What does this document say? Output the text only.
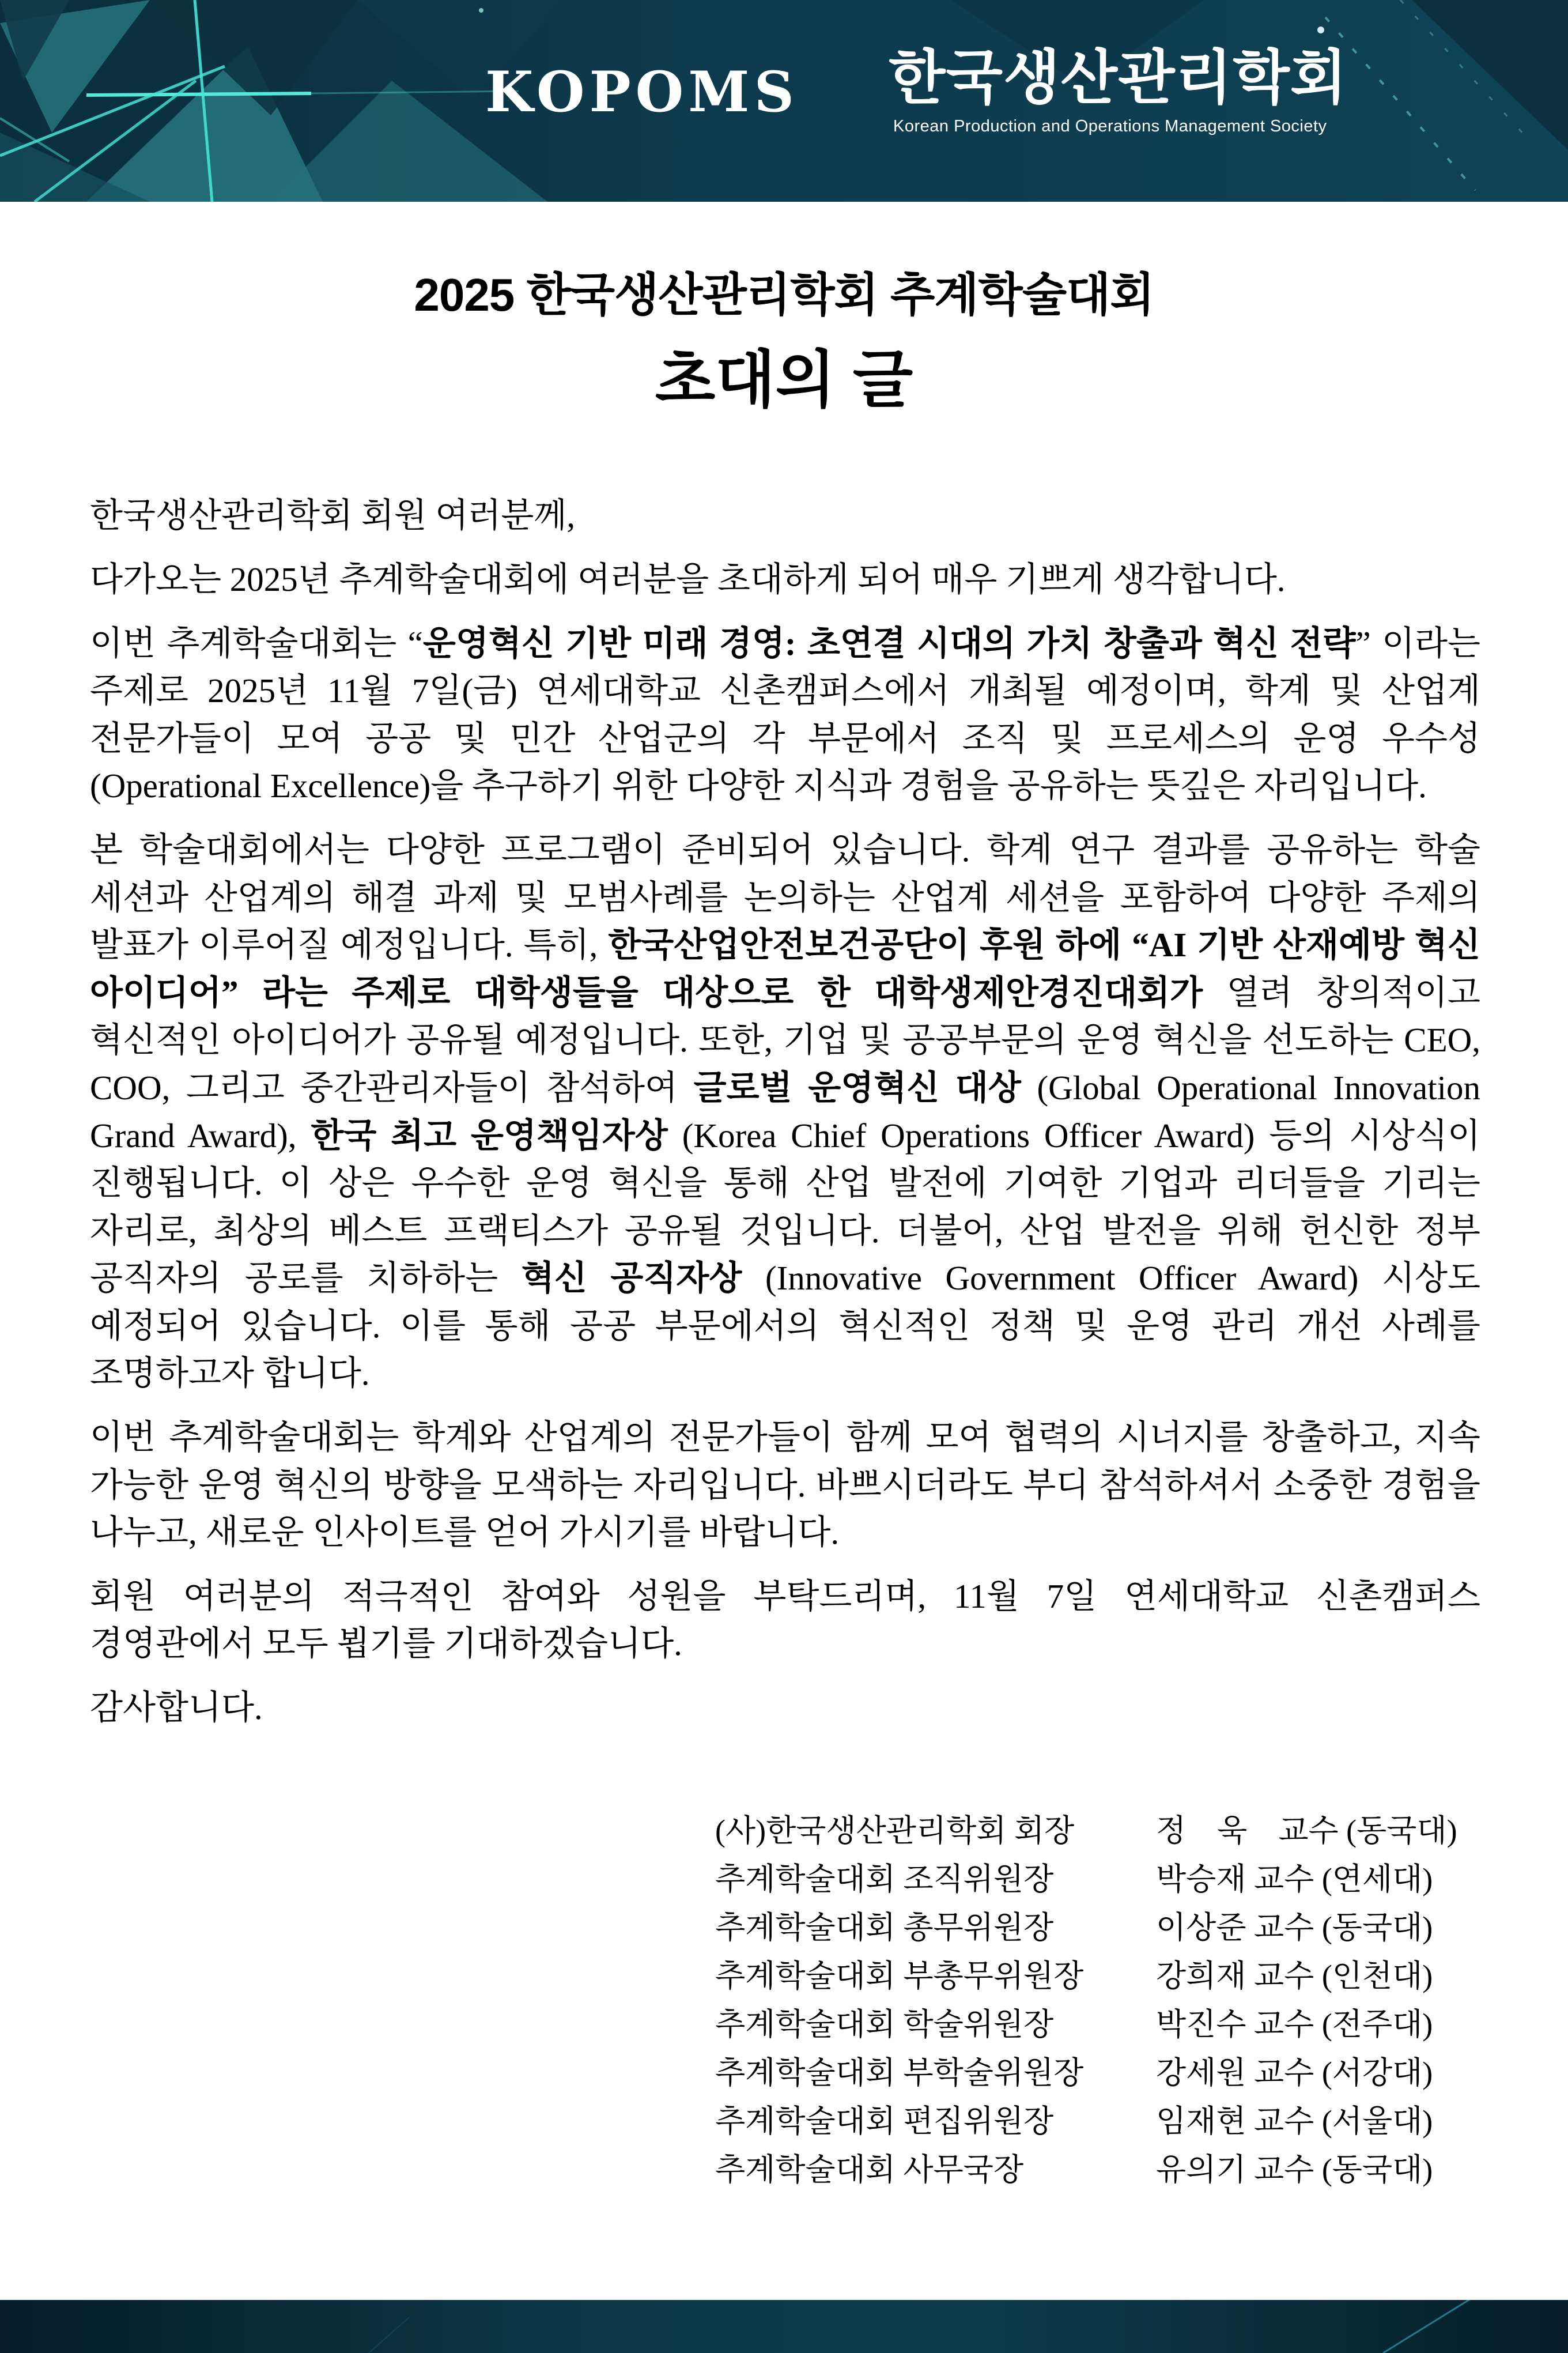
KOPOMS 한국생산관리학회
Korean Production and Operations Management Society
2025 한국생산관리학회 추계학술대회
초대의 글

한국생산관리학회 회원 여러분께,

다가오는 2025년 추계학술대회에 여러분을 초대하게 되어 매우 기쁘게 생각합니다.

이번 추계학술대회는 “운영혁신 기반 미래 경영: 초연결 시대의 가치 창출과 혁신 전략” 이라는 주제로 2025년 11월 7일(금) 연세대학교 신촌캠퍼스에서 개최될 예정이며, 학계 및 산업계 전문가들이 모여 공공 및 민간 산업군의 각 부문에서 조직 및 프로세스의 운영 우수성 (Operational Excellence)을 추구하기 위한 다양한 지식과 경험을 공유하는 뜻깊은 자리입니다.

본 학술대회에서는 다양한 프로그램이 준비되어 있습니다. 학계 연구 결과를 공유하는 학술 세션과 산업계의 해결 과제 및 모범사례를 논의하는 산업계 세션을 포함하여 다양한 주제의 발표가 이루어질 예정입니다. 특히, 한국산업안전보건공단이 후원 하에 “AI 기반 산재예방 혁신 아이디어” 라는 주제로 대학생들을 대상으로 한 대학생제안경진대회가 열려 창의적이고 혁신적인 아이디어가 공유될 예정입니다. 또한, 기업 및 공공부문의 운영 혁신을 선도하는 CEO, COO, 그리고 중간관리자들이 참석하여 글로벌 운영혁신 대상 (Global Operational Innovation Grand Award), 한국 최고 운영책임자상 (Korea Chief Operations Officer Award) 등의 시상식이 진행됩니다. 이 상은 우수한 운영 혁신을 통해 산업 발전에 기여한 기업과 리더들을 기리는 자리로, 최상의 베스트 프랙티스가 공유될 것입니다. 더불어, 산업 발전을 위해 헌신한 정부 공직자의 공로를 치하하는 혁신 공직자상 (Innovative Government Officer Award) 시상도 예정되어 있습니다. 이를 통해 공공 부문에서의 혁신적인 정책 및 운영 관리 개선 사례를 조명하고자 합니다.

이번 추계학술대회는 학계와 산업계의 전문가들이 함께 모여 협력의 시너지를 창출하고, 지속 가능한 운영 혁신의 방향을 모색하는 자리입니다. 바쁘시더라도 부디 참석하셔서 소중한 경험을 나누고, 새로운 인사이트를 얻어 가시기를 바랍니다.

회원 여러분의 적극적인 참여와 성원을 부탁드리며, 11월 7일 연세대학교 신촌캠퍼스 경영관에서 모두 뵙기를 기대하겠습니다.

감사합니다.

(사)한국생산관리학회 회장	정　욱　교수 (동국대)
추계학술대회 조직위원장	박승재 교수 (연세대)
추계학술대회 총무위원장	이상준 교수 (동국대)
추계학술대회 부총무위원장	강희재 교수 (인천대)
추계학술대회 학술위원장	박진수 교수 (전주대)
추계학술대회 부학술위원장	강세원 교수 (서강대)
추계학술대회 편집위원장	임재현 교수 (서울대)
추계학술대회 사무국장	유의기 교수 (동국대)
